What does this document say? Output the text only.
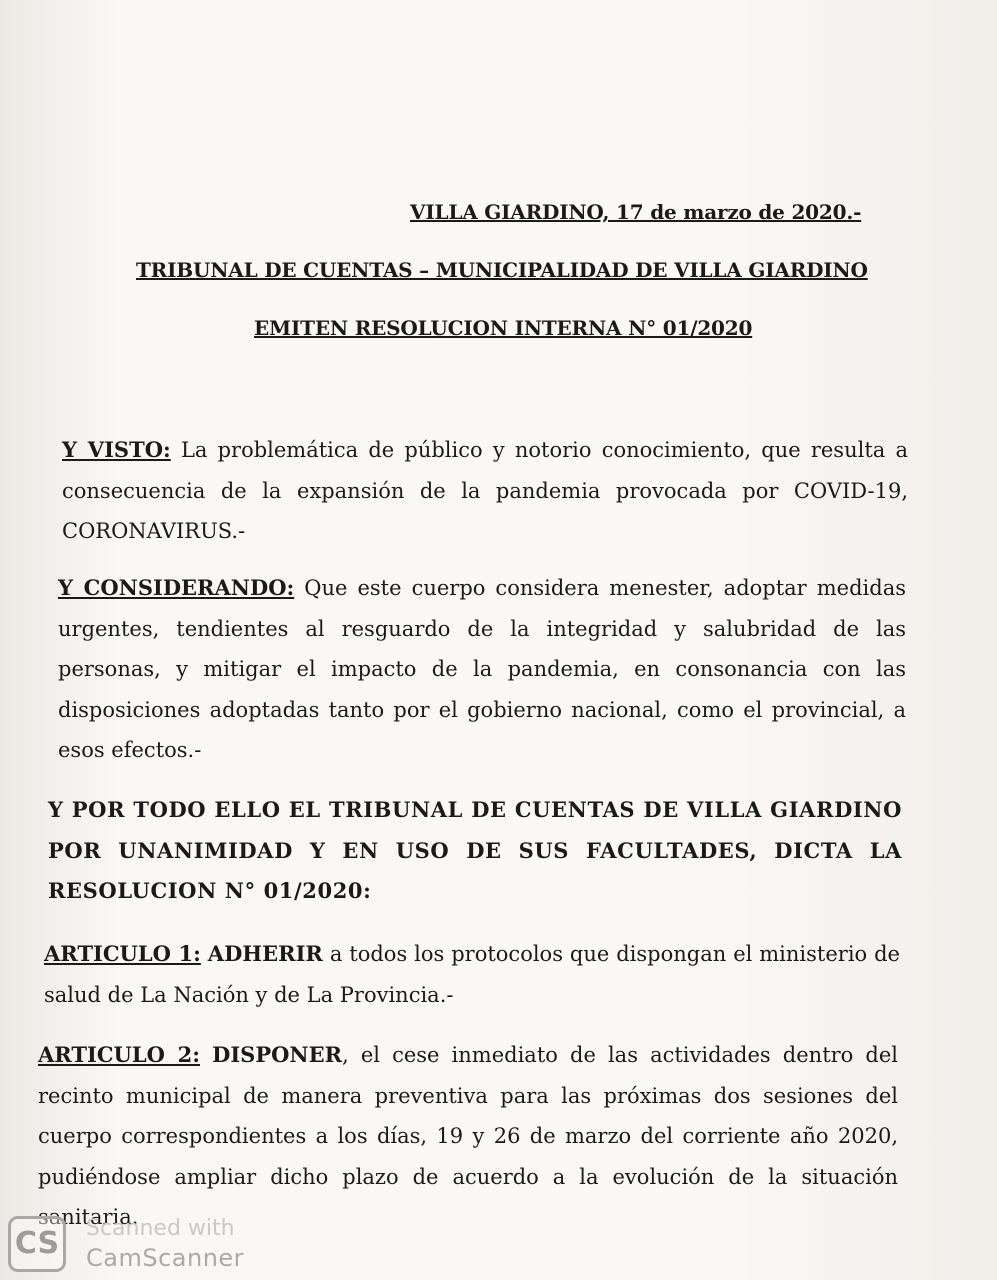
VILLA GIARDINO, 17 de marzo de 2020.-
TRIBUNAL DE CUENTAS – MUNICIPALIDAD DE VILLA GIARDINO
EMITEN RESOLUCION INTERNA N° 01/2020

Y VISTO: La problemática de público y notorio conocimiento, que resulta a consecuencia de la expansión de la pandemia provocada por COVID-19, CORONAVIRUS.-

Y CONSIDERANDO: Que este cuerpo considera menester, adoptar medidas urgentes, tendientes al resguardo de la integridad y salubridad de las personas, y mitigar el impacto de la pandemia, en consonancia con las disposiciones adoptadas tanto por el gobierno nacional, como el provincial, a esos efectos.-

Y POR TODO ELLO EL TRIBUNAL DE CUENTAS DE VILLA GIARDINO POR UNANIMIDAD Y EN USO DE SUS FACULTADES, DICTA LA RESOLUCION N° 01/2020:

ARTICULO 1: ADHERIR a todos los protocolos que dispongan el ministerio de salud de La Nación y de La Provincia.-

ARTICULO 2: DISPONER, el cese inmediato de las actividades dentro del recinto municipal de manera preventiva para las próximas dos sesiones del cuerpo correspondientes a los días, 19 y 26 de marzo del corriente año 2020, pudiéndose ampliar dicho plazo de acuerdo a la evolución de la situación sanitaria.

CS	Scanned with
CamScanner
